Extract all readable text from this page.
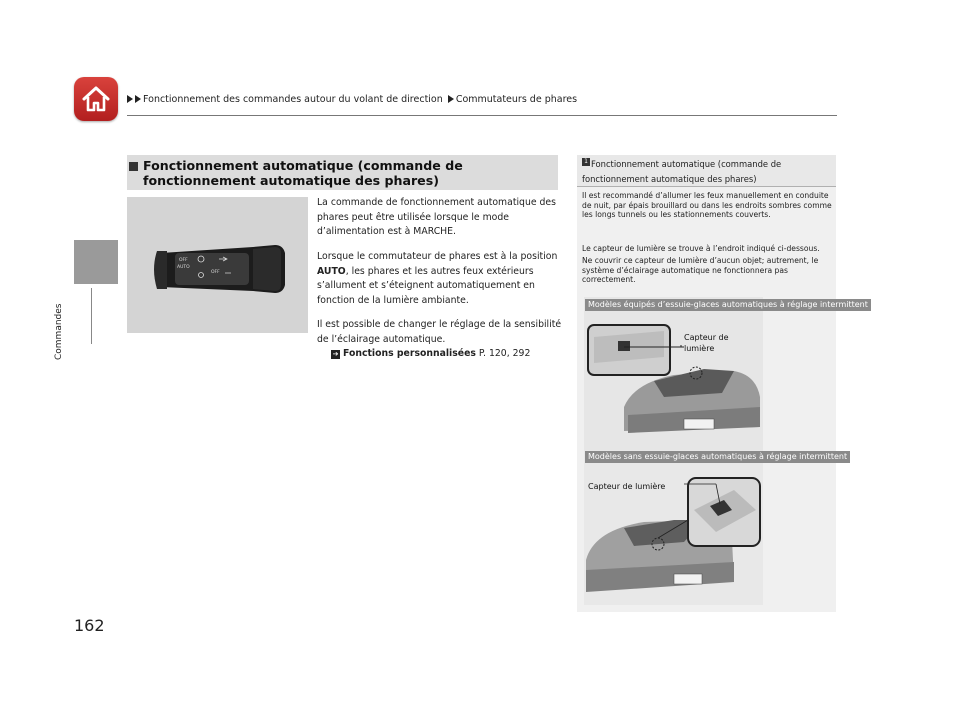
Fonctionnement des commandes autour du volant de direction Commutateurs de phares
Commandes
162
Fonctionnement automatique (commande de fonctionnement automatique des phares)
OFF
AUTO
OFF
La commande de fonctionnement automatique des phares peut être utilisée lorsque le mode d’alimentation est à MARCHE.
Lorsque le commutateur de phares est à la position AUTO, les phares et les autres feux extérieurs s’allument et s’éteignent automatiquement en fonction de la lumière ambiante.
Il est possible de changer le réglage de la sensibilité de l’éclairage automatique.
➔ Fonctions personnalisées P. 120, 292
1 Fonctionnement automatique (commande de fonctionnement automatique des phares)
Il est recommandé d’allumer les feux manuellement en conduite de nuit, par épais brouillard ou dans les endroits sombres comme les longs tunnels ou les stationnements couverts.
Le capteur de lumière se trouve à l’endroit indiqué ci-dessous.
Ne couvrir ce capteur de lumière d’aucun objet; autrement, le système d’éclairage automatique ne fonctionnera pas correctement.
Modèles équipés d’essuie-glaces automatiques à réglage intermittent
Capteur de lumière
Modèles sans essuie-glaces automatiques à réglage intermittent
Capteur de lumière
